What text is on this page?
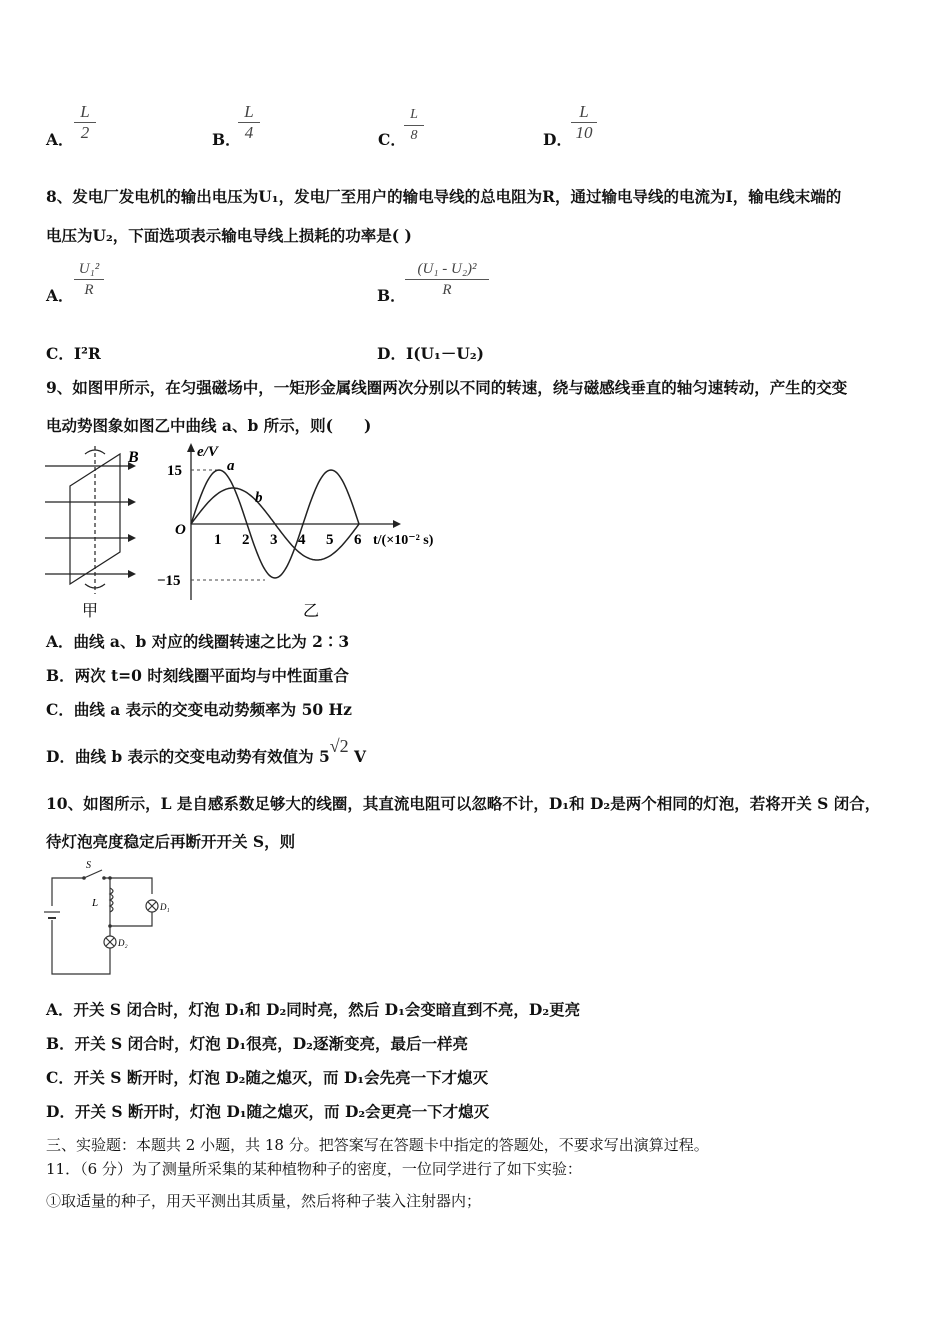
A．
L
2	B．
L
4	C．
L
8	D．
L
10
8、发电厂发电机的输出电压为U₁，发电厂至用户的输电导线的总电阻为R，通过输电导线的电流为I，输电线末端的
电压为U₂，下面选项表示输电导线上损耗的功率是( )
A．
U₁²
R	B．
(U₁ - U₂)²
R
C．I²R	D．I(U₁－U₂)
9、如图甲所示，在匀强磁场中，一矩形金属线圈两次分别以不同的转速，绕与磁感线垂直的轴匀速转动，产生的交变
电动势图象如图乙中曲线 a、b 所示，则(　　)
B
甲
e/V
15
−15
O
a
b
1 2 3 4 5 6 t/(×10⁻² s)
乙
A．曲线 a、b 对应的线圈转速之比为 2∶3
B．两次 t=0 时刻线圈平面均与中性面重合
C．曲线 a 表示的交变电动势频率为 50 Hz
D．曲线 b 表示的交变电动势有效值为 5√2 V
10、如图所示，L 是自感系数足够大的线圈，其直流电阻可以忽略不计，D₁和 D₂是两个相同的灯泡，若将开关 S 闭合，
待灯泡亮度稳定后再断开开关 S，则
S
L	D₁
D₂
A．开关 S 闭合时，灯泡 D₁和 D₂同时亮，然后 D₁会变暗直到不亮，D₂更亮
B．开关 S 闭合时，灯泡 D₁很亮，D₂逐渐变亮，最后一样亮
C．开关 S 断开时，灯泡 D₂随之熄灭，而 D₁会先亮一下才熄灭
D．开关 S 断开时，灯泡 D₁随之熄灭，而 D₂会更亮一下才熄灭
三、实验题：本题共 2 小题，共 18 分。把答案写在答题卡中指定的答题处，不要求写出演算过程。
11．（6 分）为了测量所采集的某种植物种子的密度，一位同学进行了如下实验：
①取适量的种子，用天平测出其质量，然后将种子装入注射器内；
